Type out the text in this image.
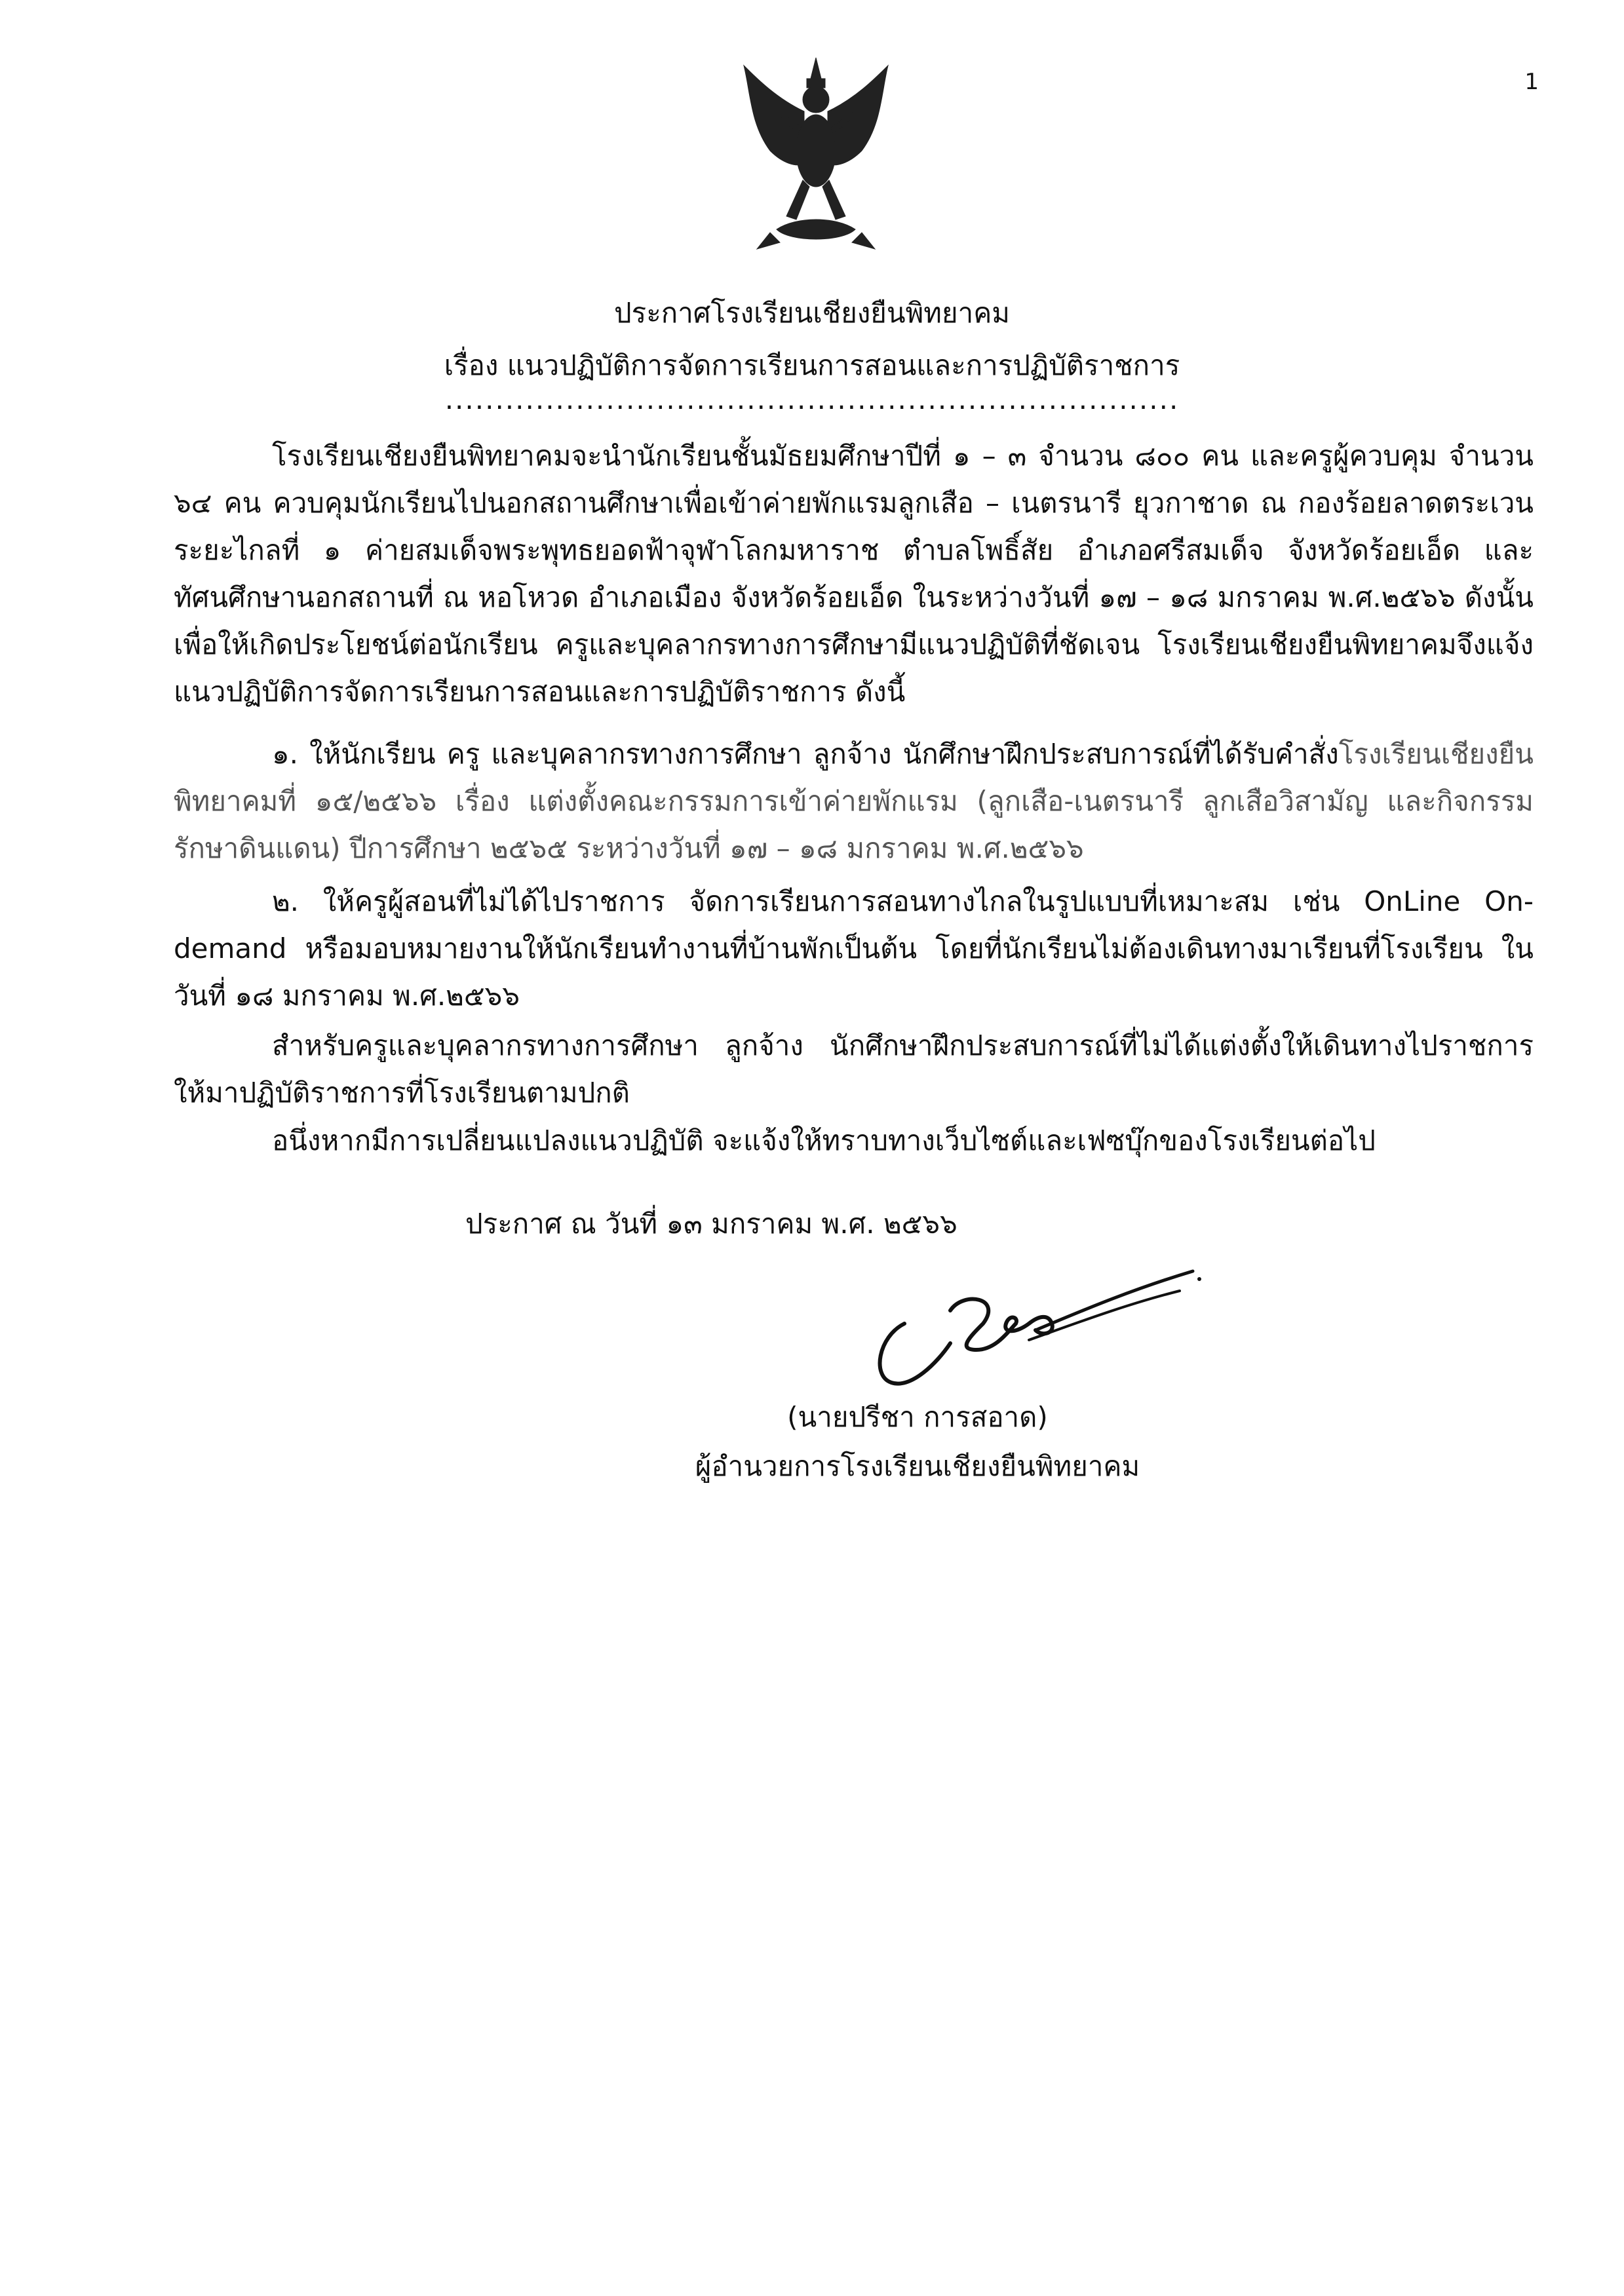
1
ประกาศโรงเรียนเชียงยืนพิทยาคม
เรื่อง แนวปฏิบัติการจัดการเรียนการสอนและการปฏิบัติราชการ
.........................................................................

โรงเรียนเชียงยืนพิทยาคมจะนำนักเรียนชั้นมัธยมศึกษาปีที่ ๑ – ๓ จำนวน ๘๐๐ คน และครูผู้ควบคุม จำนวน ๖๔ คน ควบคุมนักเรียนไปนอกสถานศึกษาเพื่อเข้าค่ายพักแรมลูกเสือ – เนตรนารี ยุวกาชาด ณ กองร้อยลาดตระเวนระยะไกลที่ ๑ ค่ายสมเด็จพระพุทธยอดฟ้าจุฬาโลกมหาราช ตำบลโพธิ์สัย อำเภอศรีสมเด็จ จังหวัดร้อยเอ็ด และทัศนศึกษานอกสถานที่ ณ หอโหวด อำเภอเมือง จังหวัดร้อยเอ็ด ในระหว่างวันที่ ๑๗ – ๑๘ มกราคม พ.ศ.๒๕๖๖ ดังนั้นเพื่อให้เกิดประโยชน์ต่อนักเรียน ครูและบุคลากรทางการศึกษามีแนวปฏิบัติที่ชัดเจน โรงเรียนเชียงยืนพิทยาคมจึงแจ้งแนวปฏิบัติการจัดการเรียนการสอนและการปฏิบัติราชการ ดังนี้

๑. ให้นักเรียน ครู และบุคลากรทางการศึกษา ลูกจ้าง นักศึกษาฝึกประสบการณ์ที่ได้รับคำสั่งโรงเรียนเชียงยืนพิทยาคมที่ ๑๕/๒๕๖๖ เรื่อง แต่งตั้งคณะกรรมการเข้าค่ายพักแรม (ลูกเสือ-เนตรนารี ลูกเสือวิสามัญ และกิจกรรมรักษาดินแดน) ปีการศึกษา ๒๕๖๕ ระหว่างวันที่ ๑๗ – ๑๘ มกราคม พ.ศ.๒๕๖๖

๒. ให้ครูผู้สอนที่ไม่ได้ไปราชการ จัดการเรียนการสอนทางไกลในรูปแบบที่เหมาะสม เช่น OnLine On-demand หรือมอบหมายงานให้นักเรียนทำงานที่บ้านพักเป็นต้น โดยที่นักเรียนไม่ต้องเดินทางมาเรียนที่โรงเรียน ในวันที่ ๑๘ มกราคม พ.ศ.๒๕๖๖

สำหรับครูและบุคลากรทางการศึกษา ลูกจ้าง นักศึกษาฝึกประสบการณ์ที่ไม่ได้แต่งตั้งให้เดินทางไปราชการ ให้มาปฏิบัติราชการที่โรงเรียนตามปกติ

อนึ่งหากมีการเปลี่ยนแปลงแนวปฏิบัติ จะแจ้งให้ทราบทางเว็บไซต์และเฟซบุ๊กของโรงเรียนต่อไป

ประกาศ ณ วันที่ ๑๓ มกราคม พ.ศ. ๒๕๖๖
(นายปรีชา การสอาด)
ผู้อำนวยการโรงเรียนเชียงยืนพิทยาคม
